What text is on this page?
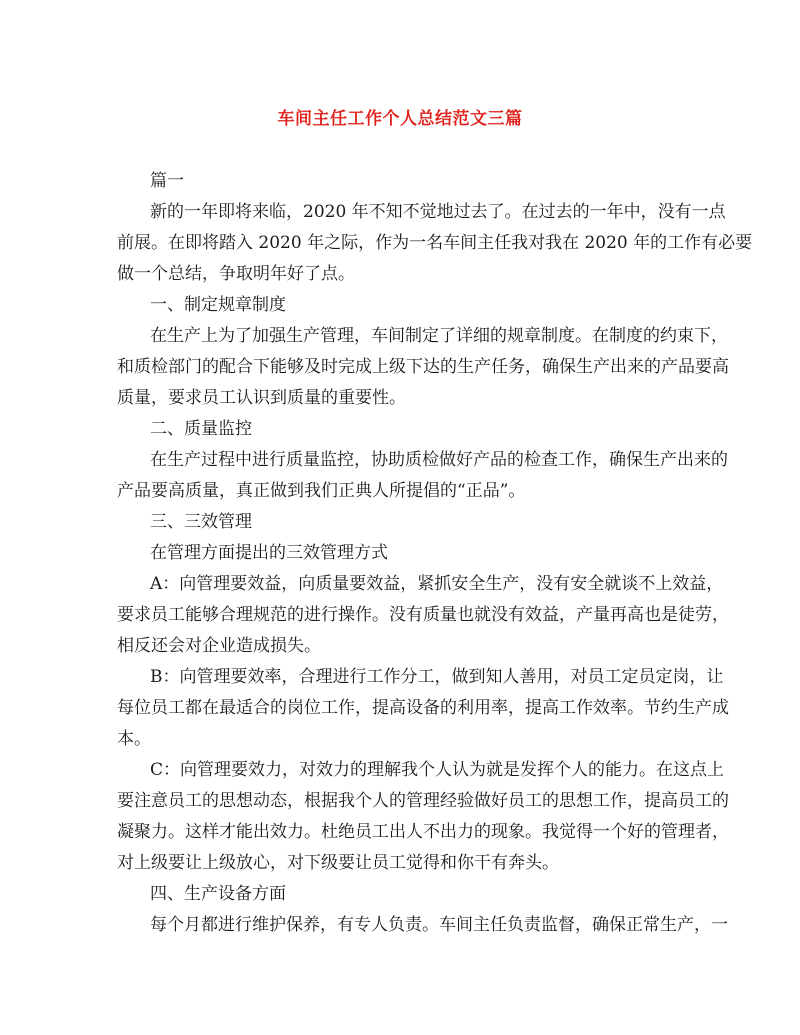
车间主任工作个人总结范文三篇
篇一
新的一年即将来临，2020 年不知不觉地过去了。在过去的一年中，没有一点
前展。在即将踏入 2020 年之际，作为一名车间主任我对我在 2020 年的工作有必要
做一个总结，争取明年好了点。
一、制定规章制度
在生产上为了加强生产管理，车间制定了详细的规章制度。在制度的约束下，
和质检部门的配合下能够及时完成上级下达的生产任务，确保生产出来的产品要高
质量，要求员工认识到质量的重要性。
二、质量监控
在生产过程中进行质量监控，协助质检做好产品的检查工作，确保生产出来的
产品要高质量，真正做到我们正典人所提倡的“正品”。
三、三效管理
在管理方面提出的三效管理方式
A：向管理要效益，向质量要效益，紧抓安全生产，没有安全就谈不上效益，
要求员工能够合理规范的进行操作。没有质量也就没有效益，产量再高也是徒劳，
相反还会对企业造成损失。
B：向管理要效率，合理进行工作分工，做到知人善用，对员工定员定岗，让
每位员工都在最适合的岗位工作，提高设备的利用率，提高工作效率。节约生产成
本。
C：向管理要效力，对效力的理解我个人认为就是发挥个人的能力。在这点上
要注意员工的思想动态，根据我个人的管理经验做好员工的思想工作，提高员工的
凝聚力。这样才能出效力。杜绝员工出人不出力的现象。我觉得一个好的管理者，
对上级要让上级放心，对下级要让员工觉得和你干有奔头。
四、生产设备方面
每个月都进行维护保养，有专人负责。车间主任负责监督，确保正常生产，一
